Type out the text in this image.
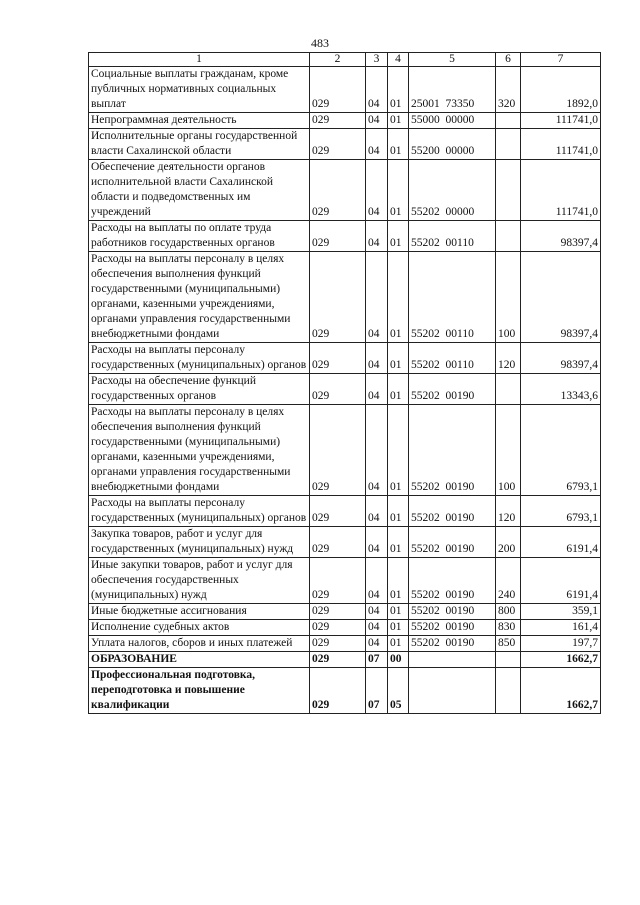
483
1	2	3	4	5	6	7
Социальные выплаты гражданам, кроме публичных нормативных социальных выплат	029	04	01	25001  73350	320	1892,0
Непрограммная деятельность	029	04	01	55000  00000		111741,0
Исполнительные органы государственной власти Сахалинской области	029	04	01	55200  00000		111741,0
Обеспечение деятельности органов исполнительной власти Сахалинской области и подведомственных им учреждений	029	04	01	55202  00000		111741,0
Расходы на выплаты по оплате труда работников государственных органов	029	04	01	55202  00110		98397,4
Расходы на выплаты персоналу в целях обеспечения выполнения функций государственными (муниципальными) органами, казенными учреждениями, органами управления государственными внебюджетными фондами	029	04	01	55202  00110	100	98397,4
Расходы на выплаты персоналу государственных (муниципальных) органов	029	04	01	55202  00110	120	98397,4
Расходы на обеспечение функций государственных органов	029	04	01	55202  00190		13343,6
Расходы на выплаты персоналу в целях обеспечения выполнения функций государственными (муниципальными) органами, казенными учреждениями, органами управления государственными внебюджетными фондами	029	04	01	55202  00190	100	6793,1
Расходы на выплаты персоналу государственных (муниципальных) органов	029	04	01	55202  00190	120	6793,1
Закупка товаров, работ и услуг для государственных (муниципальных) нужд	029	04	01	55202  00190	200	6191,4
Иные закупки товаров, работ и услуг для обеспечения государственных (муниципальных) нужд	029	04	01	55202  00190	240	6191,4
Иные бюджетные ассигнования	029	04	01	55202  00190	800	359,1
Исполнение судебных актов	029	04	01	55202  00190	830	161,4
Уплата налогов, сборов и иных платежей	029	04	01	55202  00190	850	197,7
ОБРАЗОВАНИЕ	029	07	00			1662,7
Профессиональная подготовка, переподготовка и повышение квалификации	029	07	05			1662,7
